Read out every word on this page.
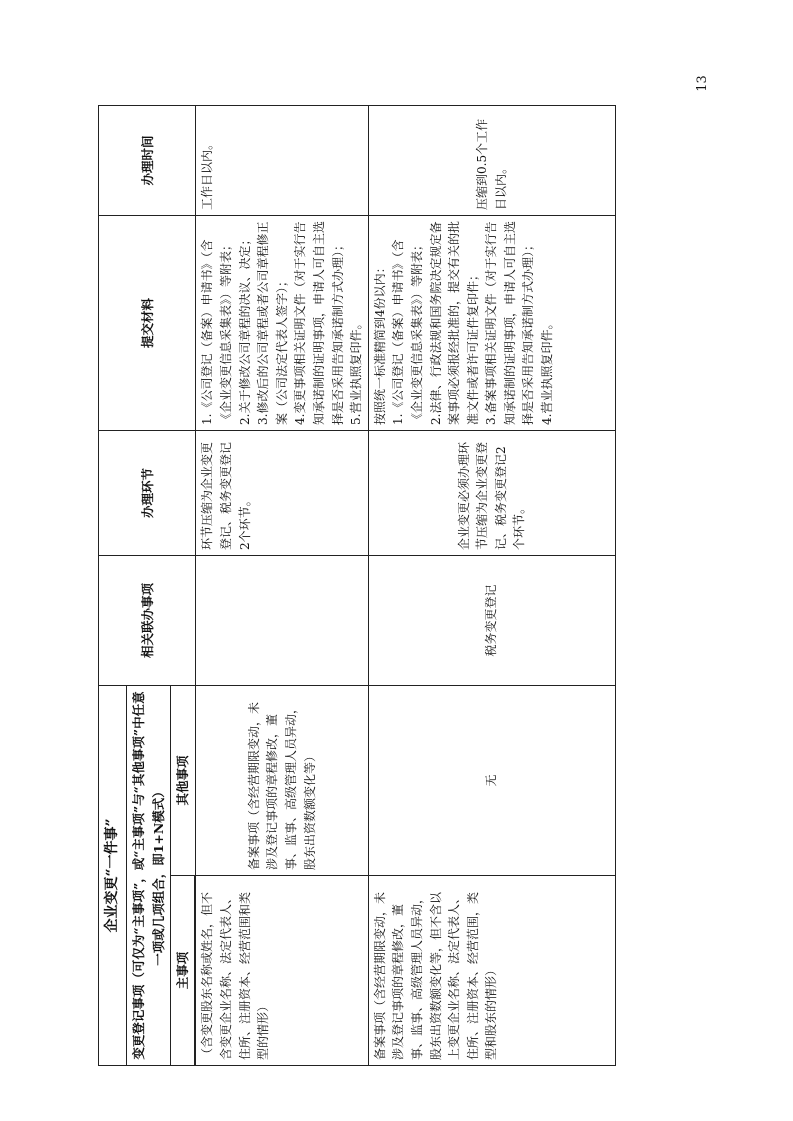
13
企业变更“一件事”		相关联办事项	办理环节	提交材料	办理时间
变更登记事项（可仅为“主事项”，或“主事项”与“其他事项”中任意一项或几项组合，即1+N模式）					
主事项	其他事项				

（含变更股东名称或姓名，但不含变更企业名称、法定代表人、住所、注册资本、经营范围和类型的情形）	备案事项（含经营期限变动，未涉及登记事项的章程修改，董事、监事、高级管理人员异动，股东出资数额变化等）		环节压缩为企业变更登记、税务变更登记2个环节。	1.《公司登记（备案）申请书》（含《企业变更信息采集表》）等附表； 2.关于修改公司章程的决议、决定； 3.修改后的公司章程或者公司章程修正案（公司法定代表人签字）； 4.变更事项相关证明文件（对于实行告知承诺制的证明事项，申请人可自主选择是否采用告知承诺制方式办理）； 5.营业执照复印件。	工作日以内。
备案事项（含经营期限变动，未涉及登记事项的章程修改，董事、监事、高级管理人员异动，股东出资数额变化等，但不含以上变更企业名称、法定代表人、住所、注册资本、经营范围，类型和股东的情形）	无	税务变更登记	企业变更必须办理环节压缩为企业变更登记、税务变更登记2个环节。	按照统一标准精简到4份以内： 1.《公司登记（备案）申请书》（含《企业变更信息采集表》）等附表； 2.法律、行政法规和国务院决定规定备案事项必须报经批准的，提交有关的批准文件或者许可证件复印件； 3.备案事项相关证明文件（对于实行告知承诺制的证明事项，申请人可自主选择是否采用告知承诺制方式办理）； 4.营业执照复印件。	压缩到0.5个工作日以内。
